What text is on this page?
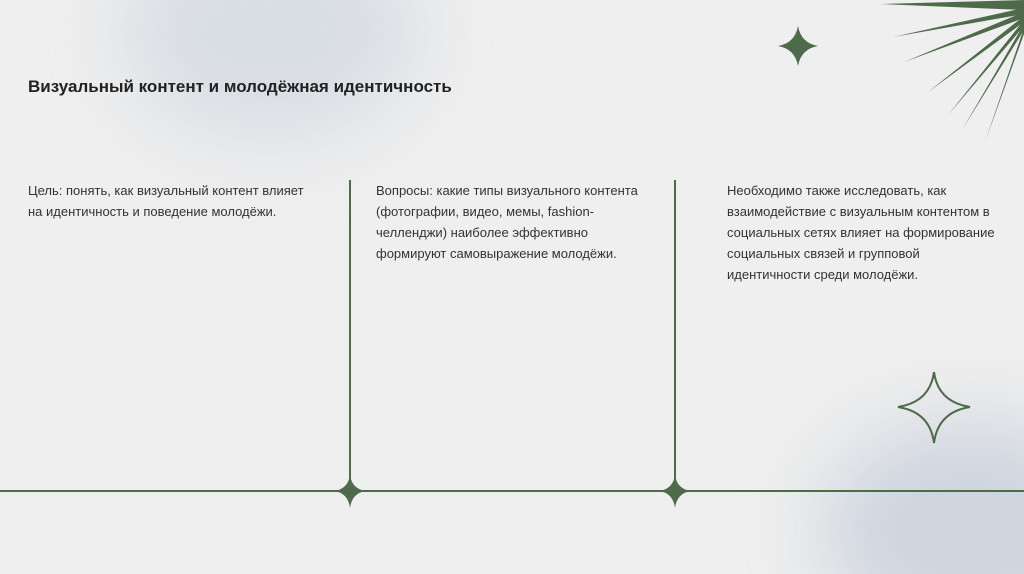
Визуальный контент и молодёжная идентичность

Цель: понять, как визуальный контент влияет на идентичность и поведение молодёжи.

Вопросы: какие типы визуального контента (фотографии, видео, мемы, fashion-челленджи) наиболее эффективно формируют самовыражение молодёжи.

Необходимо также исследовать, как взаимодействие с визуальным контентом в социальных сетях влияет на формирование социальных связей и групповой идентичности среди молодёжи.
